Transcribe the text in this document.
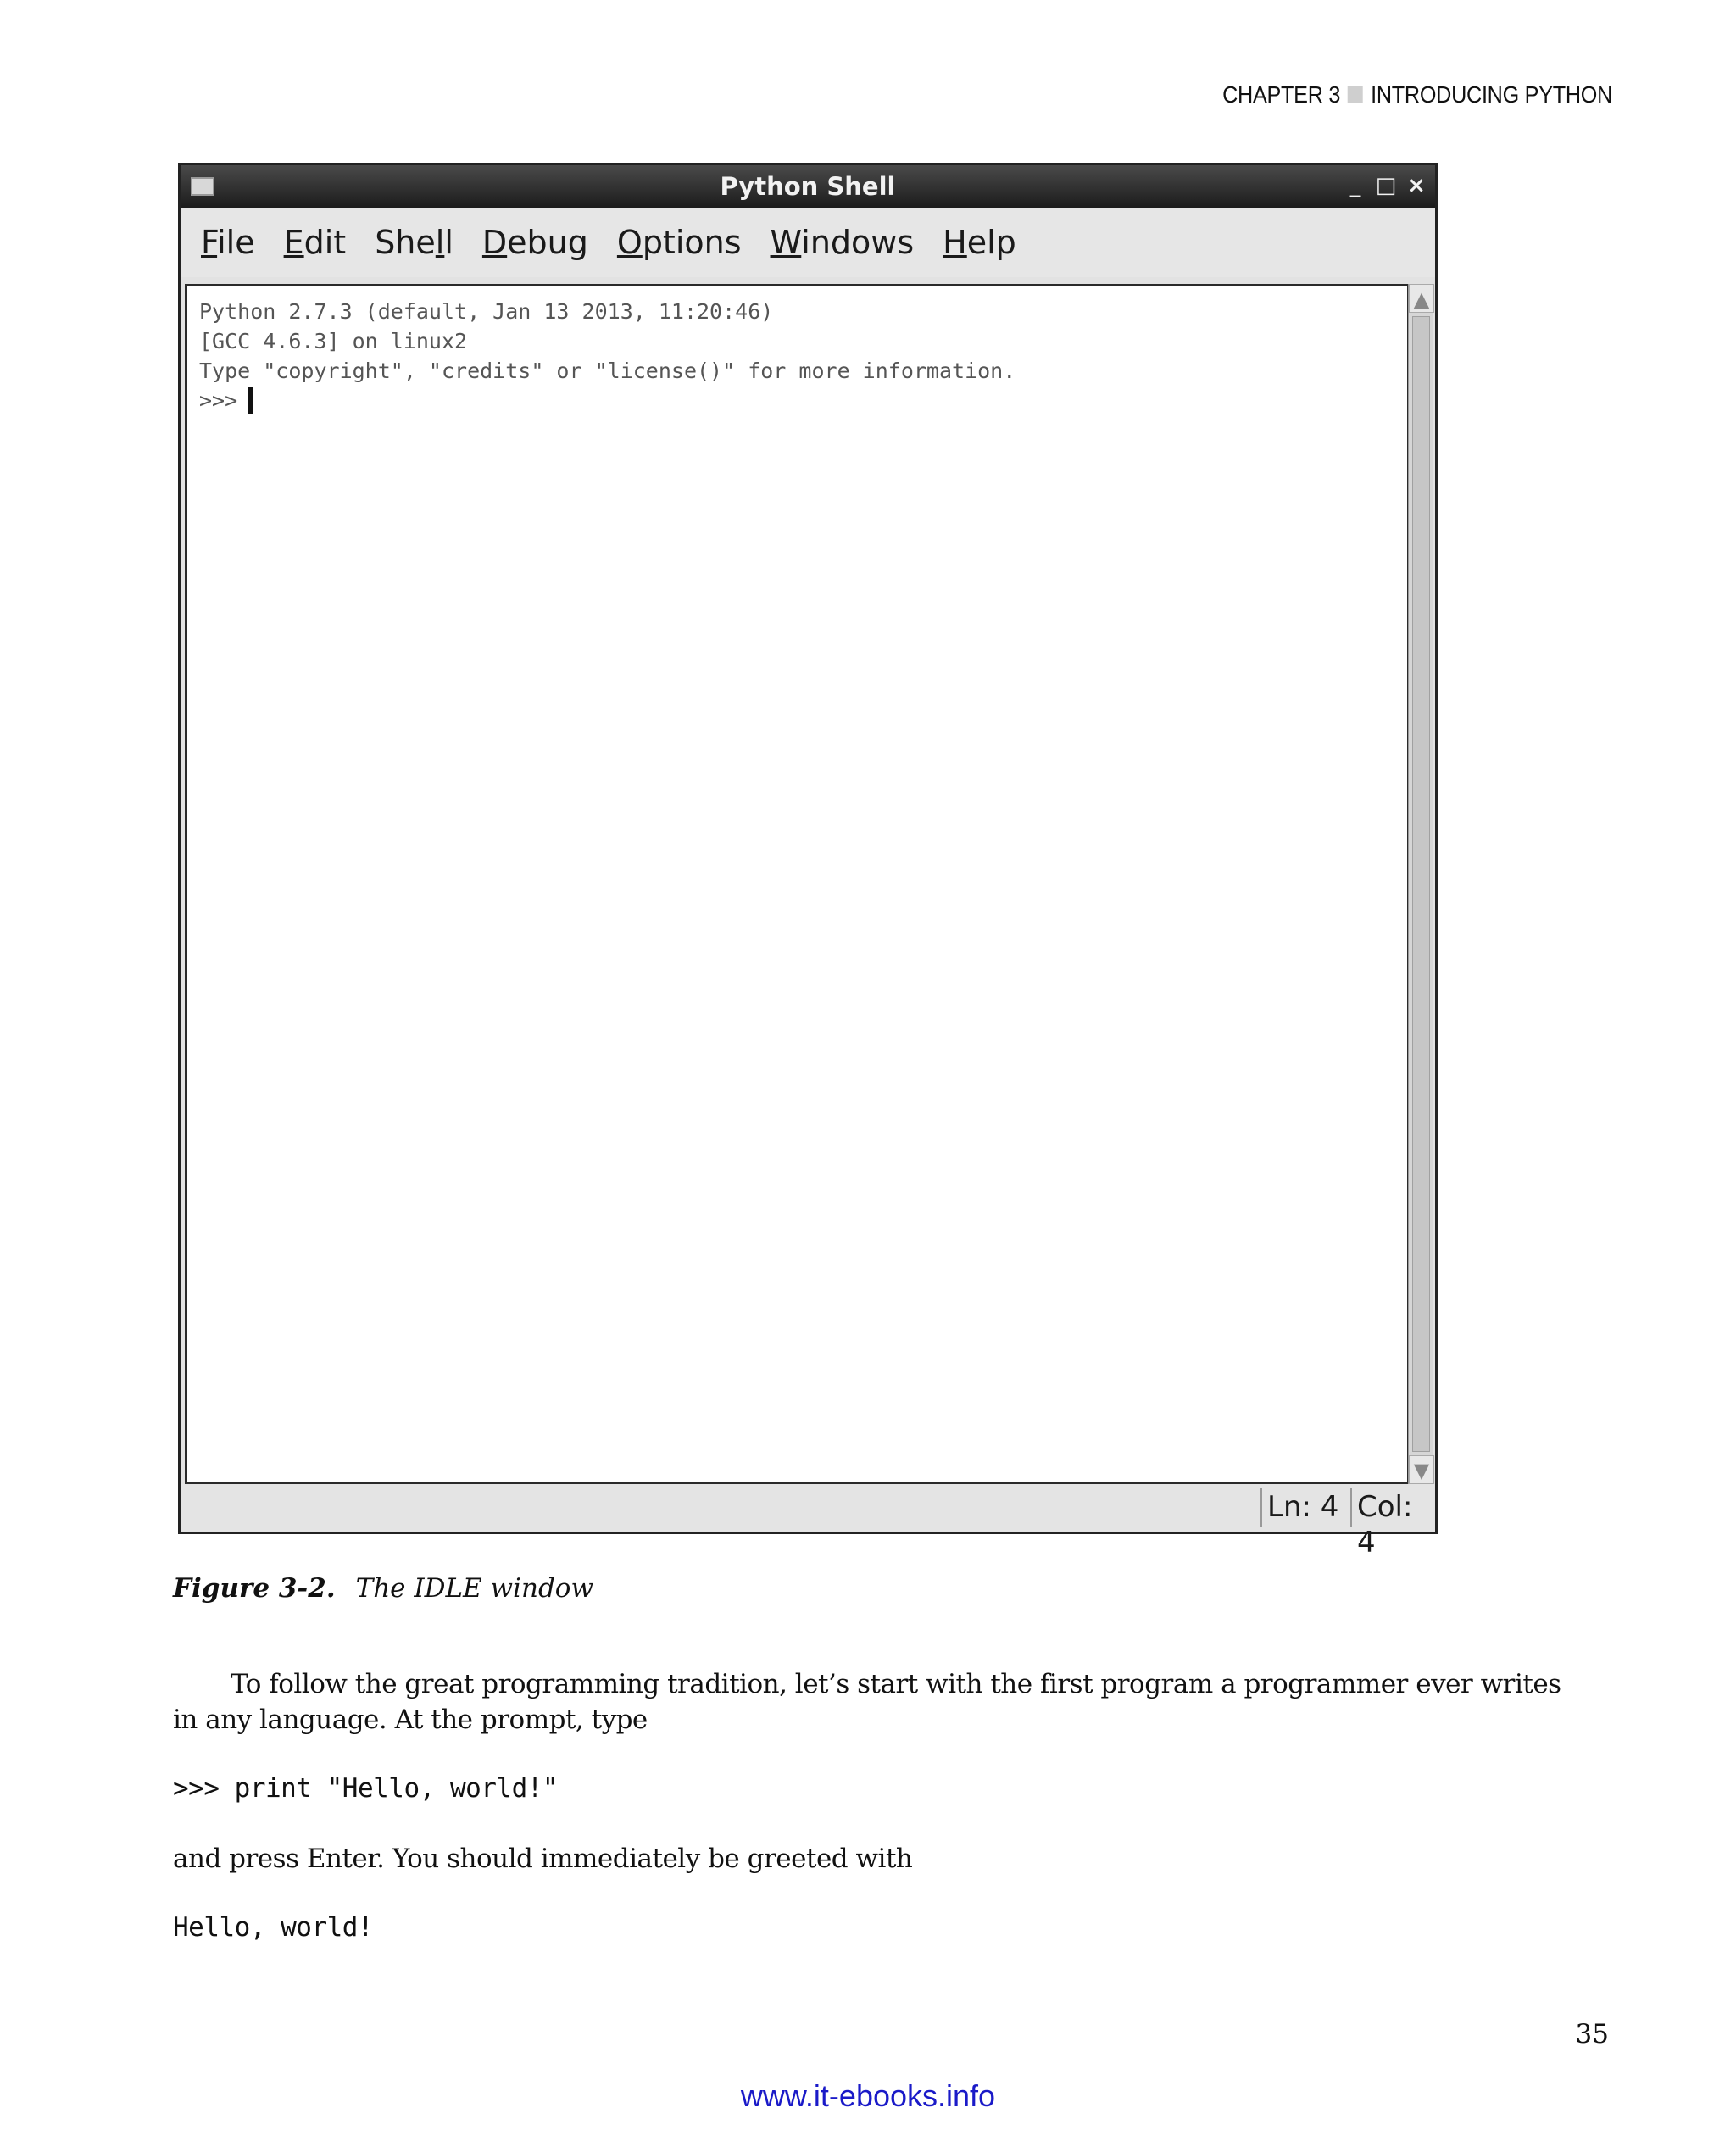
CHAPTER 3 INTRODUCING PYTHON
Python Shell	_ □ ×
File Edit Shell Debug Options Windows Help
Python 2.7.3 (default, Jan 13 2013, 11:20:46)
[GCC 4.6.3] on linux2
Type "copyright", "credits" or "license()" for more information.
>>>
▲
▼
Ln: 4 Col: 4
Figure 3-2. The IDLE window

To follow the great programming tradition, let’s start with the first program a programmer ever writes in any language. At the prompt, type

>>> print "Hello, world!"

and press Enter. You should immediately be greeted with

Hello, world!
35
www.it-ebooks.info
